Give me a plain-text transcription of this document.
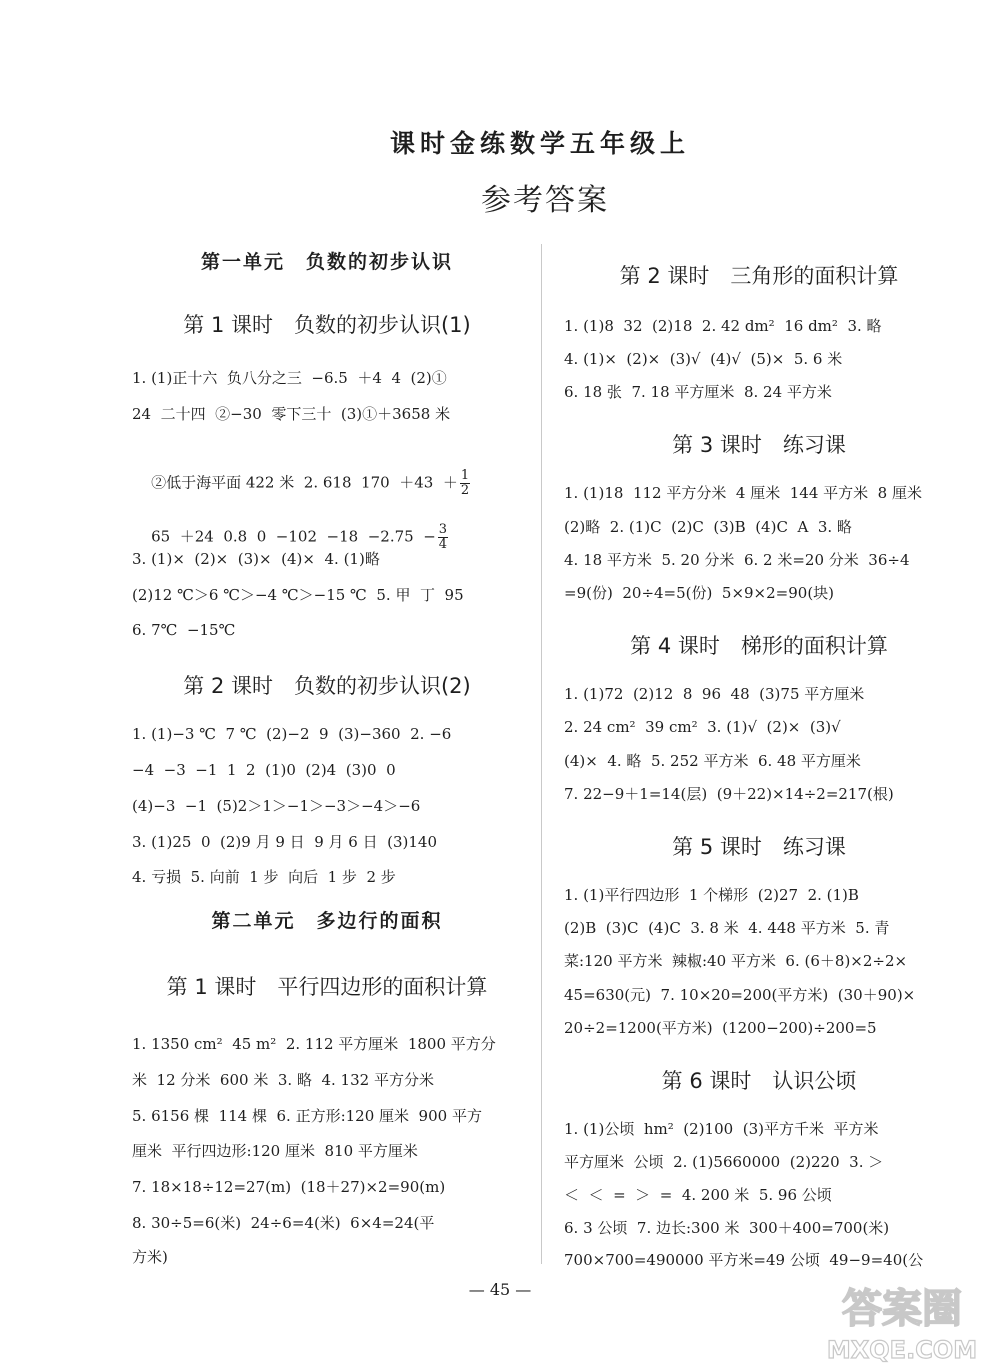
课时金练数学五年级上
参考答案
第一单元　负数的初步认识
第 1 课时　负数的初步认识(1)
1. (1)正十六  负八分之三  −6.5  ＋4  4  (2)①
24  二十四  ②−30  零下三十  (3)①＋3658 米

②低于海平面 422 米  2. 618  $170 +43 + \frac{1}{2}$

65  ＋24  0.8  $0 -102 -18 -2.75 - \frac{3}{4}$

3. (1)×  (2)×  (3)×  (4)×  4. (1)略
(2)12 ℃＞6 ℃＞−4 ℃＞−15 ℃  5. 甲  丁  95
6. 7℃  −15℃
第 2 课时　负数的初步认识(2)
1. (1)−3 ℃  7 ℃  (2)−2  9  (3)−360  2. −6
−4  −3  −1  1  2  (1)0  (2)4  (3)0  0
(4)−3  −1  (5)2＞1＞−1＞−3＞−4＞−6
3. (1)25  0  (2)9 月 9 日  9 月 6 日  (3)140
4. 亏损  5. 向前  1 步  向后  1 步  2 步
第二单元　多边行的面积
第 1 课时　平行四边形的面积计算
1. 1350 cm²  45 m²  2. 112 平方厘米  1800 平方分
米  12 分米  600 米  3. 略  4. 132 平方分米
5. 6156 棵  114 棵  6. 正方形:120 厘米  900 平方
厘米  平行四边形:120 厘米  810 平方厘米
7. 18×18÷12=27(m)  (18＋27)×2=90(m)
8. 30÷5=6(米)  24÷6=4(米)  6×4=24(平
方米)
第 2 课时　三角形的面积计算
1. (1)8  32  (2)18  2. 42 dm²  16 dm²  3. 略
4. (1)×  (2)×  (3)√  (4)√  (5)×  5. 6 米
6. 18 张  7. 18 平方厘米  8. 24 平方米
第 3 课时　练习课
1. (1)18  112 平方分米  4 厘米  144 平方米  8 厘米
(2)略  2. (1)C  (2)C  (3)B  (4)C  A  3. 略
4. 18 平方米  5. 20 分米  6. 2 米=20 分米  36÷4
=9(份)  20÷4=5(份)  5×9×2=90(块)
第 4 课时　梯形的面积计算
1. (1)72  (2)12  8  96  48  (3)75 平方厘米
2. 24 cm²  39 cm²  3. (1)√  (2)×  (3)√
(4)×  4. 略  5. 252 平方米  6. 48 平方厘米
7. 22−9＋1=14(层)  (9＋22)×14÷2=217(根)
第 5 课时　练习课
1. (1)平行四边形  1 个梯形  (2)27  2. (1)B
(2)B  (3)C  (4)C  3. 8 米  4. 448 平方米  5. 青
菜:120 平方米  辣椒:40 平方米  6. (6＋8)×2÷2×
45=630(元)  7. 10×20=200(平方米)  (30＋90)×
20÷2=1200(平方米)  (1200−200)÷200=5
第 6 课时　认识公顷
1. (1)公顷  hm²  (2)100  (3)平方千米  平方米
平方厘米  公顷  2. (1)5660000  (2)220  3. ＞
＜  ＜  =  ＞  =  4. 200 米  5. 96 公顷
6. 3 公顷  7. 边长:300 米  300＋400=700(米)
700×700=490000 平方米=49 公顷  49−9=40(公
— 45 —	答案圈
MXQE.COM
